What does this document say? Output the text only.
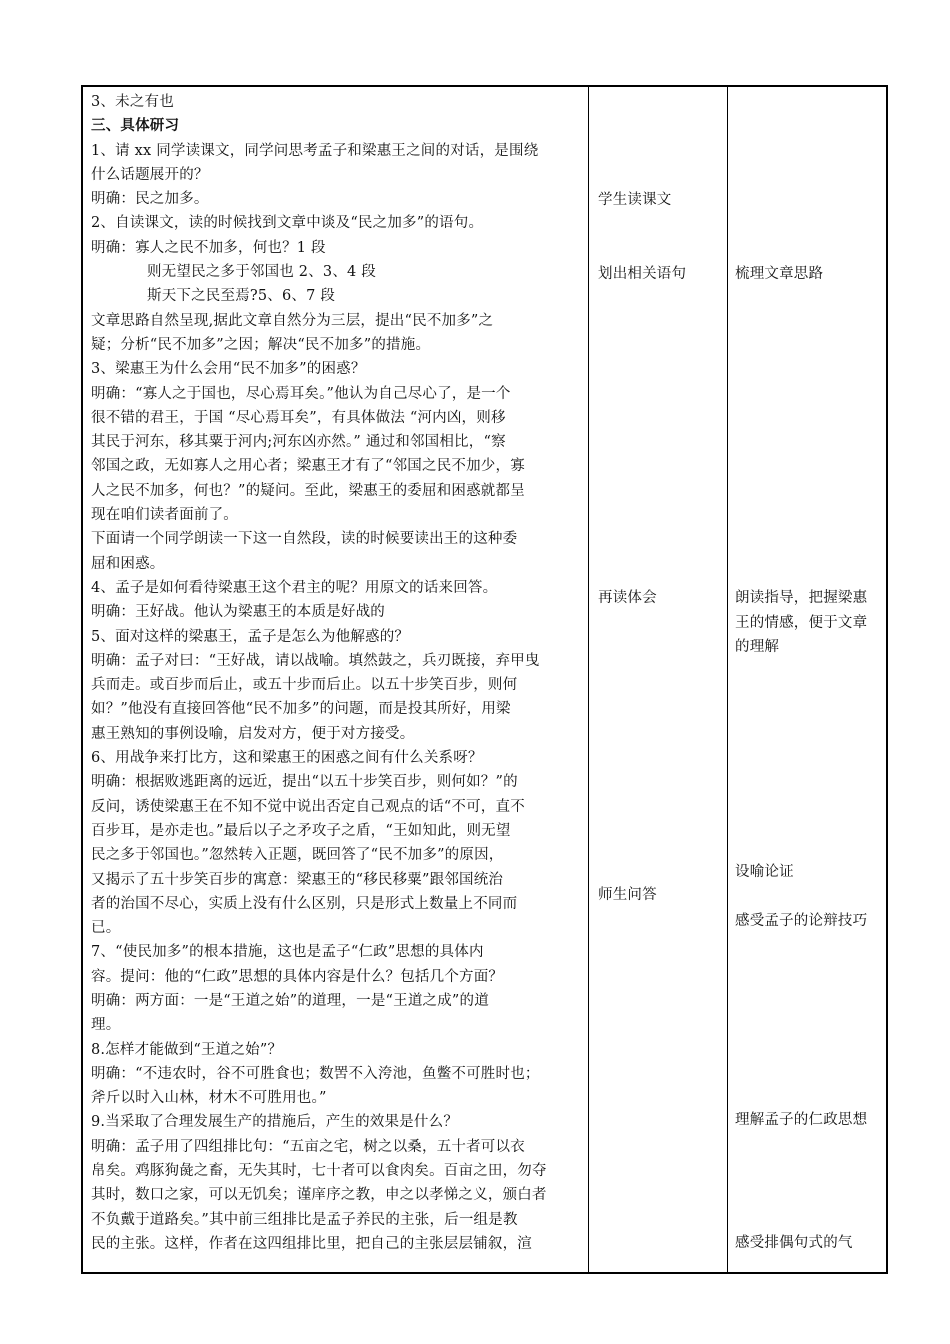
3、未之有也
三、具体研习
1、请 xx 同学读课文，同学问思考孟子和梁惠王之间的对话，是围绕
什么话题展开的？
明确：民之加多。
2、自读课文，读的时候找到文章中谈及“民之加多”的语句。
明确：寡人之民不加多，何也？1 段
则无望民之多于邻国也 2、3、4 段
斯天下之民至焉?5、6、7 段
文章思路自然呈现,据此文章自然分为三层，提出“民不加多”之
疑；分析“民不加多”之因；解决“民不加多”的措施。
3、梁惠王为什么会用“民不加多”的困惑？
明确：“寡人之于国也，尽心焉耳矣。”他认为自己尽心了，是一个
很不错的君王，于国 “尽心焉耳矣”，有具体做法 “河内凶，则移
其民于河东，移其粟于河内;河东凶亦然。” 通过和邻国相比，“察
邻国之政，无如寡人之用心者；梁惠王才有了“邻国之民不加少，寡
人之民不加多，何也？”的疑问。至此，梁惠王的委屈和困惑就都呈
现在咱们读者面前了。
下面请一个同学朗读一下这一自然段，读的时候要读出王的这种委
屈和困惑。
4、孟子是如何看待梁惠王这个君主的呢？用原文的话来回答。
明确：王好战。他认为梁惠王的本质是好战的
5、面对这样的梁惠王，孟子是怎么为他解惑的？
明确：孟子对曰：“王好战，请以战喻。填然鼓之，兵刃既接，弃甲曳
兵而走。或百步而后止，或五十步而后止。以五十步笑百步，则何
如？”他没有直接回答他“民不加多”的问题，而是投其所好，用梁
惠王熟知的事例设喻，启发对方，便于对方接受。
6、用战争来打比方，这和梁惠王的困惑之间有什么关系呀？
明确：根据败逃距离的远近，提出“以五十步笑百步，则何如？”的
反问，诱使梁惠王在不知不觉中说出否定自己观点的话“不可，直不
百步耳，是亦走也。”最后以子之矛攻子之盾，“王如知此，则无望
民之多于邻国也。”忽然转入正题，既回答了“民不加多”的原因，
又揭示了五十步笑百步的寓意：梁惠王的“移民移粟”跟邻国统治
者的治国不尽心，实质上没有什么区别，只是形式上数量上不同而
已。
7、“使民加多”的根本措施，这也是孟子“仁政”思想的具体内
容。提问：他的“仁政”思想的具体内容是什么？包括几个方面？
明确：两方面：一是“王道之始”的道理，一是“王道之成”的道
理。
8.怎样才能做到“王道之始”？
明确：“不违农时，谷不可胜食也；数罟不入洿池，鱼鳖不可胜时也；
斧斤以时入山林，材木不可胜用也。”
9.当采取了合理发展生产的措施后，产生的效果是什么？
明确：孟子用了四组排比句：“五亩之宅，树之以桑，五十者可以衣
帛矣。鸡豚狗彘之畜，无失其时，七十者可以食肉矣。百亩之田，勿夺
其时，数口之家，可以无饥矣；谨庠序之教，申之以孝悌之义，颁白者
不负戴于道路矣。”其中前三组排比是孟子养民的主张，后一组是教
民的主张。这样，作者在这四组排比里，把自己的主张层层铺叙，渲
学生读课文
划出相关语句
再读体会
师生问答
梳理文章思路
朗读指导，把握梁惠王的情感，便于文章的理解
设喻论证
感受孟子的论辩技巧
理解孟子的仁政思想
感受排偶句式的气
